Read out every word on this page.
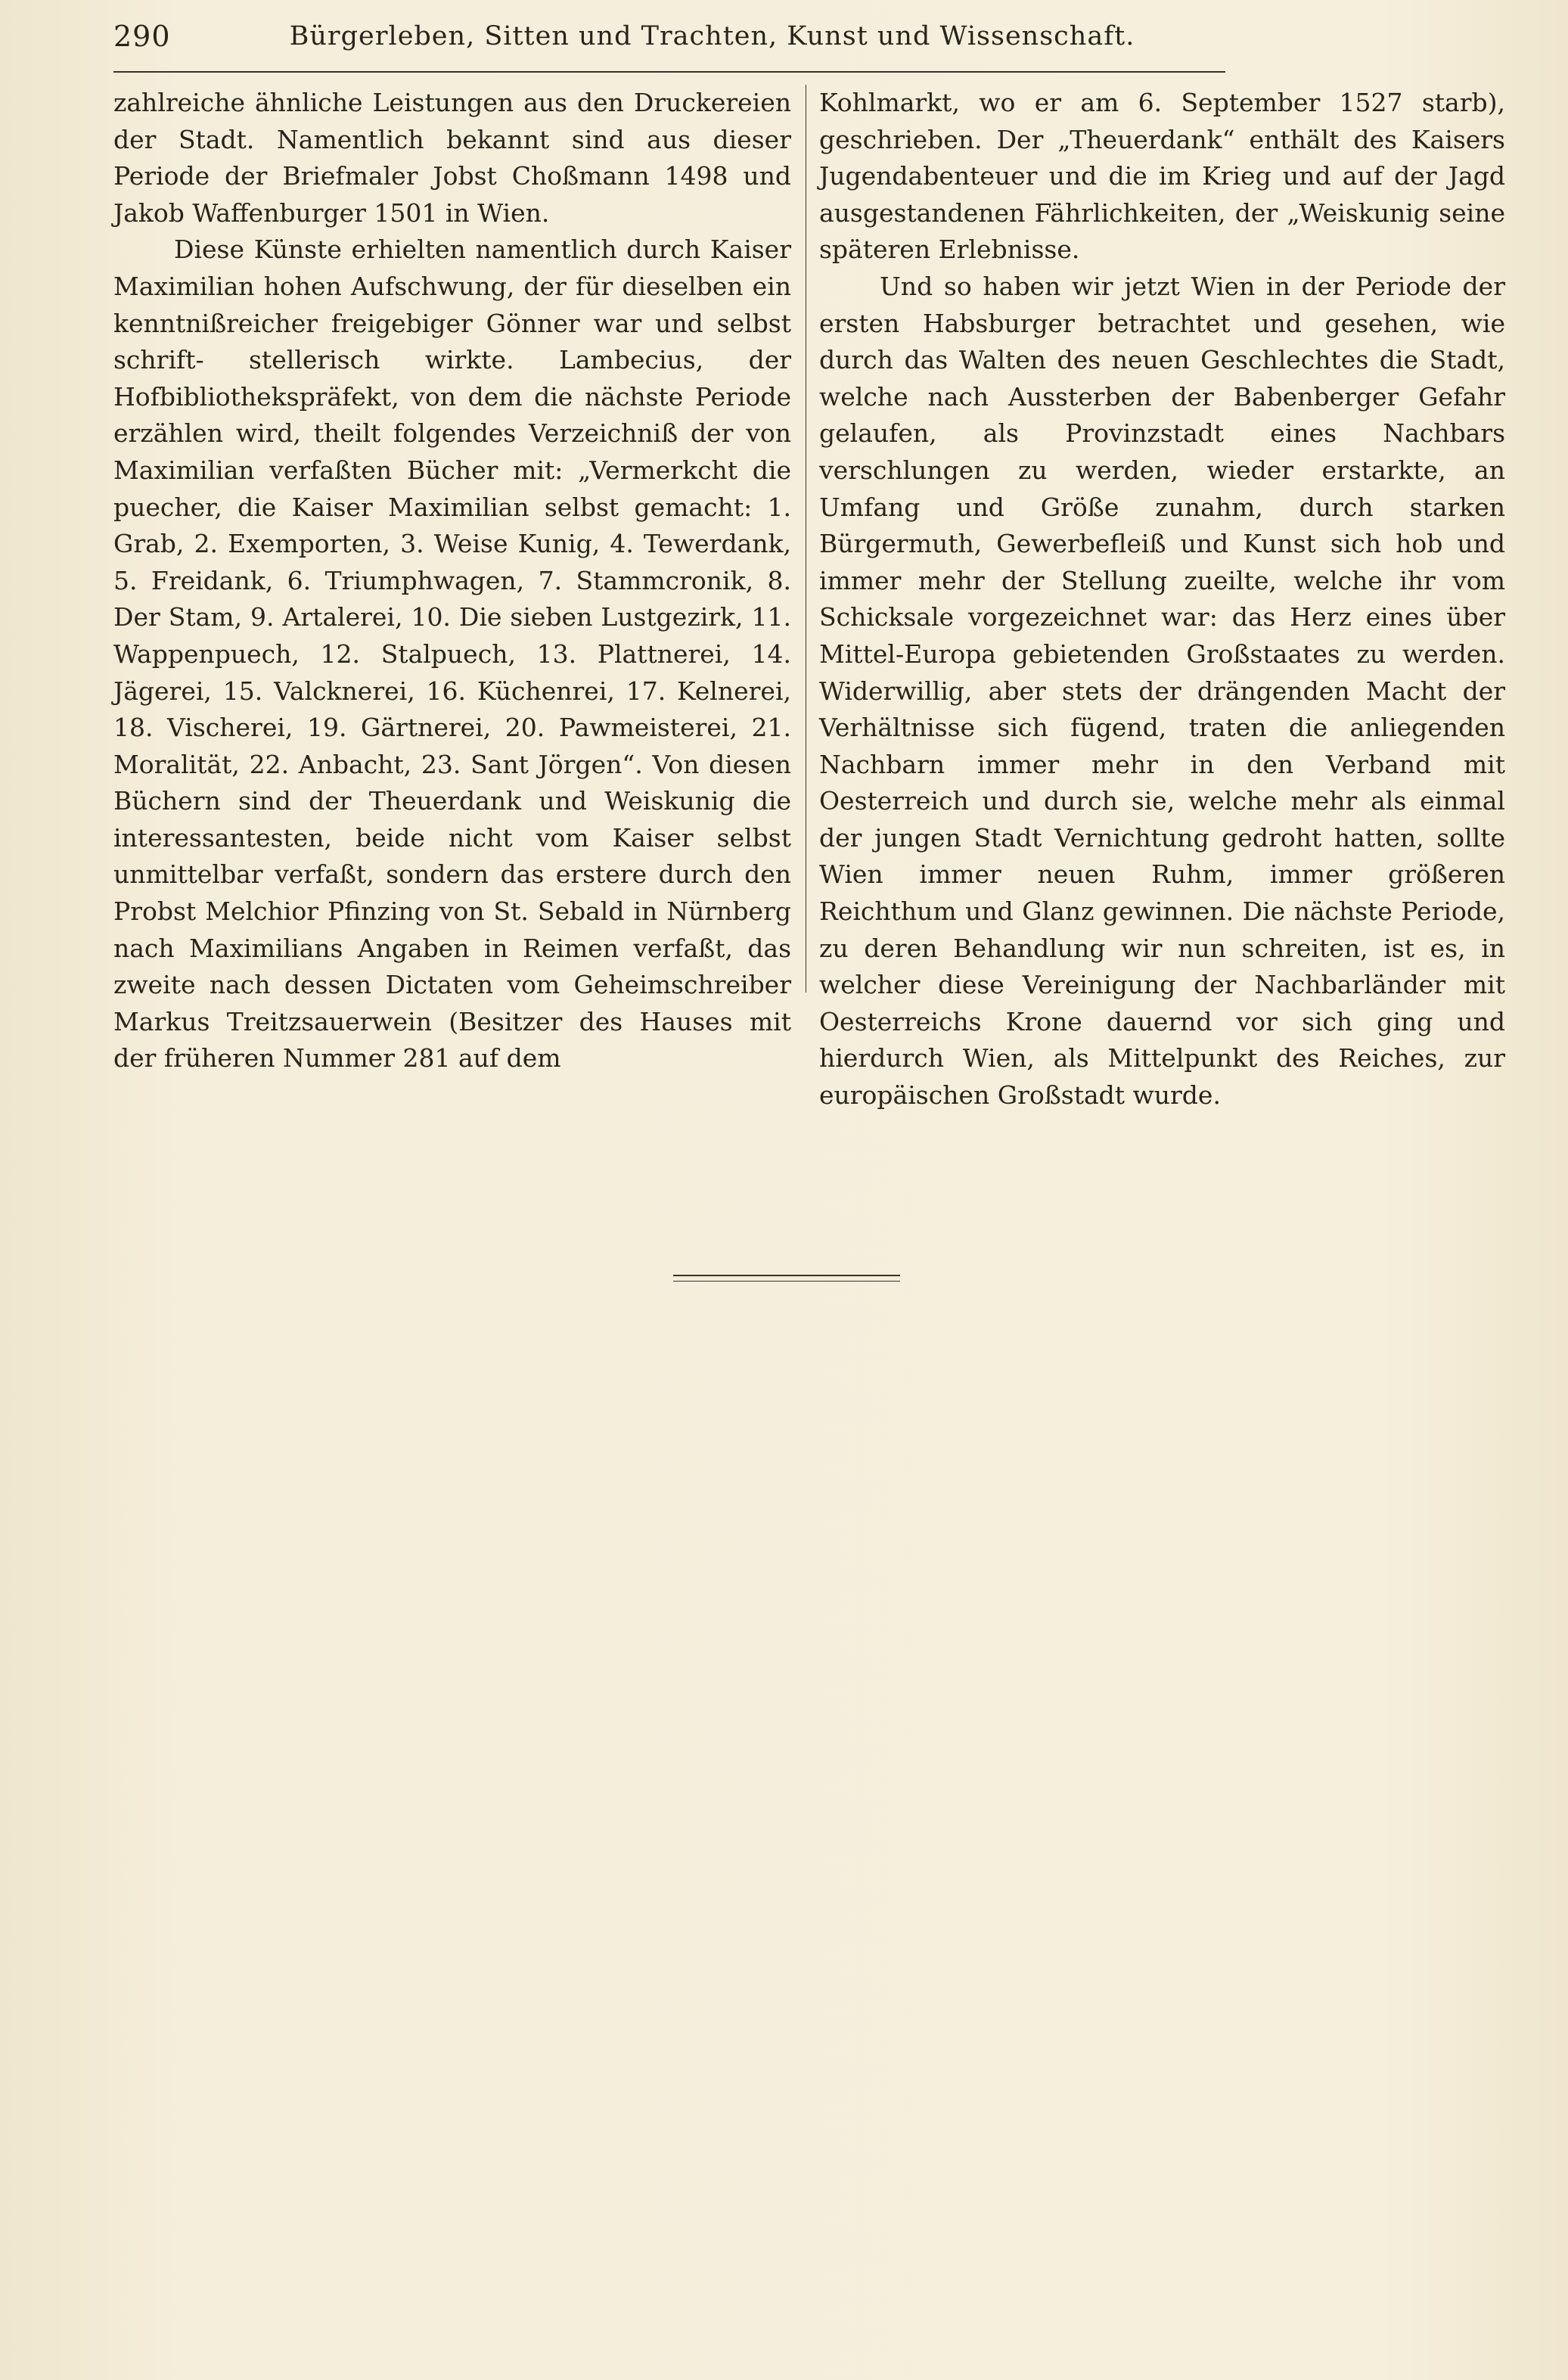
290	Bürgerleben, Sitten und Trachten, Kunst und Wissenschaft.

zahlreiche ähnliche Leistungen aus den Druckereien der Stadt. Namentlich bekannt sind aus dieser Periode der Briefmaler Jobst Choßmann 1498 und Jakob Waffenburger 1501 in Wien.

Diese Künste erhielten namentlich durch Kaiser Maximilian hohen Aufschwung, der für dieselben ein kenntnißreicher freigebiger Gönner war und selbst schrift- stellerisch wirkte. Lambecius, der Hofbibliothekspräfekt, von dem die nächste Periode erzählen wird, theilt folgendes Verzeichniß der von Maximilian verfaßten Bücher mit: „Vermerkcht die puecher, die Kaiser Maximilian selbst gemacht: 1. Grab, 2. Exemporten, 3. Weise Kunig, 4. Tewerdank, 5. Freidank, 6. Triumphwagen, 7. Stammcronik, 8. Der Stam, 9. Artalerei, 10. Die sieben Lustgezirk, 11. Wappenpuech, 12. Stalpuech, 13. Plattnerei, 14. Jägerei, 15. Valcknerei, 16. Küchenrei, 17. Kelnerei, 18. Vischerei, 19. Gärtnerei, 20. Pawmeisterei, 21. Moralität, 22. Anbacht, 23. Sant Jörgen“. Von diesen Büchern sind der Theuerdank und Weiskunig die interessantesten, beide nicht vom Kaiser selbst unmittelbar verfaßt, sondern das erstere durch den Probst Melchior Pfinzing von St. Sebald in Nürnberg nach Maximilians Angaben in Reimen verfaßt, das zweite nach dessen Dictaten vom Geheimschreiber Markus Treitzsauerwein (Besitzer des Hauses mit der früheren Nummer 281 auf dem

Kohlmarkt, wo er am 6. September 1527 starb), geschrieben. Der „Theuerdank“ enthält des Kaisers Jugendabenteuer und die im Krieg und auf der Jagd ausgestandenen Fährlichkeiten, der „Weiskunig seine späteren Erlebnisse.

Und so haben wir jetzt Wien in der Periode der ersten Habsburger betrachtet und gesehen, wie durch das Walten des neuen Geschlechtes die Stadt, welche nach Aussterben der Babenberger Gefahr gelaufen, als Provinzstadt eines Nachbars verschlungen zu werden, wieder erstarkte, an Umfang und Größe zunahm, durch starken Bürgermuth, Gewerbefleiß und Kunst sich hob und immer mehr der Stellung zueilte, welche ihr vom Schicksale vorgezeichnet war: das Herz eines über Mittel-Europa gebietenden Großstaates zu werden. Widerwillig, aber stets der drängenden Macht der Verhältnisse sich fügend, traten die anliegenden Nachbarn immer mehr in den Verband mit Oesterreich und durch sie, welche mehr als einmal der jungen Stadt Vernichtung gedroht hatten, sollte Wien immer neuen Ruhm, immer größeren Reichthum und Glanz gewinnen. Die nächste Periode, zu deren Behandlung wir nun schreiten, ist es, in welcher diese Vereinigung der Nachbarländer mit Oesterreichs Krone dauernd vor sich ging und hierdurch Wien, als Mittelpunkt des Reiches, zur europäischen Großstadt wurde.
